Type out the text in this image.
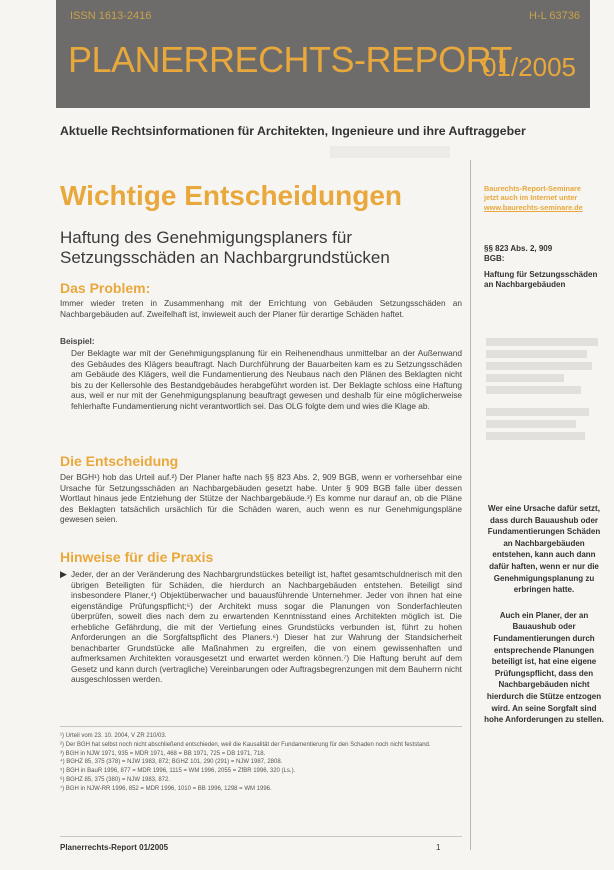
ISSN 1613-2416	H-L 63736
PLANERRECHTS-REPORT
01/2005
Aktuelle Rechtsinformationen für Architekten, Ingenieure und ihre Auftraggeber
Wichtige Entscheidungen
Haftung des Genehmigungsplaners für Setzungsschäden an Nachbargrundstücken
Das Problem:
Immer wieder treten in Zusammenhang mit der Errichtung von Gebäuden Setzungsschäden an Nachbargebäuden auf. Zweifelhaft ist, inwieweit auch der Planer für derartige Schäden haftet.
Beispiel:
Der Beklagte war mit der Genehmigungsplanung für ein Reihenendhaus unmittelbar an der Außenwand des Gebäudes des Klägers beauftragt. Nach Durchführung der Bauarbeiten kam es zu Setzungsschäden am Gebäude des Klägers, weil die Fundamentierung des Neubaus nach den Plänen des Beklagten nicht bis zu der Kellersohle des Bestandgebäudes herabgeführt worden ist. Der Beklagte schloss eine Haftung aus, weil er nur mit der Genehmigungsplanung beauftragt gewesen und deshalb für eine möglicherweise fehlerhafte Fundamentierung nicht verantwortlich sei. Das OLG folgte dem und wies die Klage ab.
Die Entscheidung
Der BGH¹) hob das Urteil auf.²) Der Planer hafte nach §§ 823 Abs. 2, 909 BGB, wenn er vorhersehbar eine Ursache für Setzungsschäden an Nachbargebäuden gesetzt habe. Unter § 909 BGB falle über dessen Wortlaut hinaus jede Entziehung der Stütze der Nachbargebäude.³) Es komme nur darauf an, ob die Pläne des Beklagten tatsächlich ursächlich für die Schäden waren, auch wenn es nur Genehmigungspläne gewesen seien.
Hinweise für die Praxis
▶ Jeder, der an der Veränderung des Nachbargrundstückes beteiligt ist, haftet gesamtschuldnerisch mit den übrigen Beteiligten für Schäden, die hierdurch an Nachbargebäuden entstehen. Beteiligt sind insbesondere Planer,⁴) Objektüberwacher und bauausführende Unternehmer. Jeder von ihnen hat eine eigenständige Prüfungspflicht;⁵) der Architekt muss sogar die Planungen von Sonderfachleuten überprüfen, soweit dies nach dem zu erwartenden Kenntnisstand eines Architekten möglich ist. Die erhebliche Gefährdung, die mit der Vertiefung eines Grundstücks verbunden ist, führt zu hohen Anforderungen an die Sorgfaltspflicht des Planers.⁶) Dieser hat zur Wahrung der Standsicherheit benachbarter Grundstücke alle Maßnahmen zu ergreifen, die von einem gewissenhaften und aufmerksamen Architekten vorausgesetzt und erwartet werden können.⁷) Die Haftung beruht auf dem Gesetz und kann durch (vertragliche) Vereinbarungen oder Auftragsbegrenzungen mit dem Bauherrn nicht ausgeschlossen werden.
¹) Urteil vom 23. 10. 2004, V ZR 210/03.
²) Der BGH hat selbst noch nicht abschließend entschieden, weil die Kausalität der Fundamentierung für den Schaden noch nicht feststand.
³) BGH in NJW 1971, 935 = MDR 1971, 468 = BB 1971, 725 = DB 1971, 718.
⁴) BGHZ 85, 375 (378) = NJW 1983, 872; BGHZ 101, 290 (291) = NJW 1987, 2808.
⁵) BGH in BauR 1996, 877 = MDR 1996, 1115 = WM 1996, 2055 = ZfBR 1996, 320 (Ls.).
⁶) BGHZ 85, 375 (380) = NJW 1983, 872.
⁷) BGH in NJW-RR 1996, 852 = MDR 1996, 1010 = BB 1996, 1298 = WM 1996.
Planerrechts-Report 01/2005	1
Baurechts-Report-Seminare
jetzt auch im Internet unter
www.baurechts-seminare.de
§§ 823 Abs. 2, 909
BGB:
Haftung für Setzungsschäden an Nachbargebäuden
Wer eine Ursache dafür setzt, dass durch Bauaushub oder Fundamentierungen Schäden an Nachbargebäuden entstehen, kann auch dann dafür haften, wenn er nur die Genehmigungsplanung zu erbringen hatte.
Auch ein Planer, der an Bauaushub oder Fundamentierungen durch entsprechende Planungen beteiligt ist, hat eine eigene Prüfungspflicht, dass den Nachbargebäuden nicht hierdurch die Stütze entzogen wird. An seine Sorgfalt sind hohe Anforderungen zu stellen.
